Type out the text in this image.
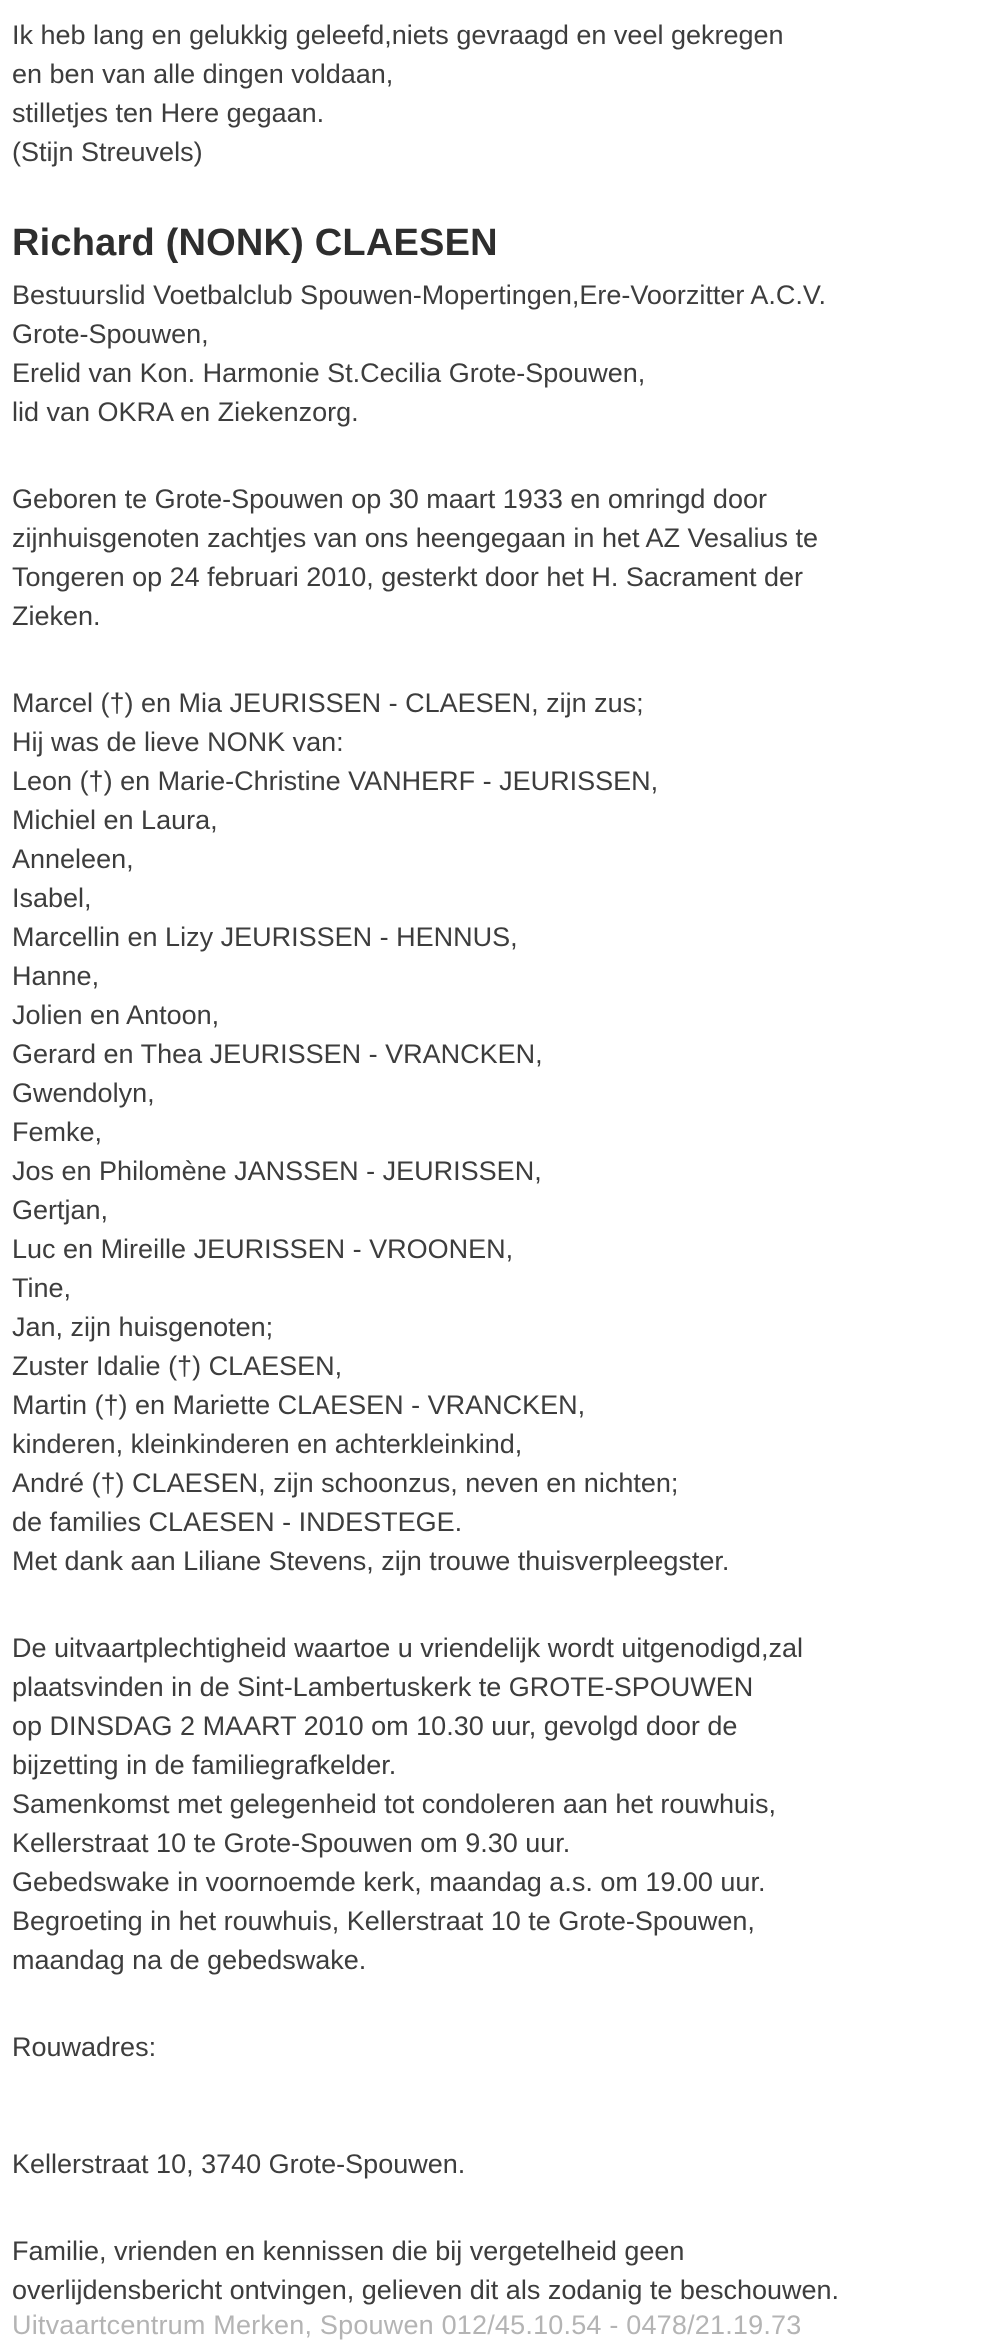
Ik heb lang en gelukkig geleefd,niets gevraagd en veel gekregen
en ben van alle dingen voldaan,
stilletjes ten Here gegaan.
(Stijn Streuvels)
Richard (NONK) CLAESEN
Bestuurslid Voetbalclub Spouwen-Mopertingen,Ere-Voorzitter A.C.V.
Grote-Spouwen,
Erelid van Kon. Harmonie St.Cecilia Grote-Spouwen,
lid van OKRA en Ziekenzorg.
Geboren te Grote-Spouwen op 30 maart 1933 en omringd door
zijnhuisgenoten zachtjes van ons heengegaan in het AZ Vesalius te
Tongeren op 24 februari 2010, gesterkt door het H. Sacrament der
Zieken.
Marcel (†) en Mia JEURISSEN - CLAESEN, zijn zus;
Hij was de lieve NONK van:
Leon (†) en Marie-Christine VANHERF - JEURISSEN,
Michiel en Laura,
Anneleen,
Isabel,
Marcellin en Lizy JEURISSEN - HENNUS,
Hanne,
Jolien en Antoon,
Gerard en Thea JEURISSEN - VRANCKEN,
Gwendolyn,
Femke,
Jos en Philomène JANSSEN - JEURISSEN,
Gertjan,
Luc en Mireille JEURISSEN - VROONEN,
Tine,
Jan, zijn huisgenoten;
Zuster Idalie (†) CLAESEN,
Martin (†) en Mariette CLAESEN - VRANCKEN,
kinderen, kleinkinderen en achterkleinkind,
André (†) CLAESEN, zijn schoonzus, neven en nichten;
de families CLAESEN - INDESTEGE.
Met dank aan Liliane Stevens, zijn trouwe thuisverpleegster.
De uitvaartplechtigheid waartoe u vriendelijk wordt uitgenodigd,zal
plaatsvinden in de Sint-Lambertuskerk te GROTE-SPOUWEN
op DINSDAG 2 MAART 2010 om 10.30 uur, gevolgd door de
bijzetting in de familiegrafkelder.
Samenkomst met gelegenheid tot condoleren aan het rouwhuis,
Kellerstraat 10 te Grote-Spouwen om 9.30 uur.
Gebedswake in voornoemde kerk, maandag a.s. om 19.00 uur.
Begroeting in het rouwhuis, Kellerstraat 10 te Grote-Spouwen,
maandag na de gebedswake.
Rouwadres:
Kellerstraat 10, 3740 Grote-Spouwen.
Familie, vrienden en kennissen die bij vergetelheid geen
overlijdensbericht ontvingen, gelieven dit als zodanig te beschouwen.
Uitvaartcentrum Merken, Spouwen 012/45.10.54 - 0478/21.19.73
